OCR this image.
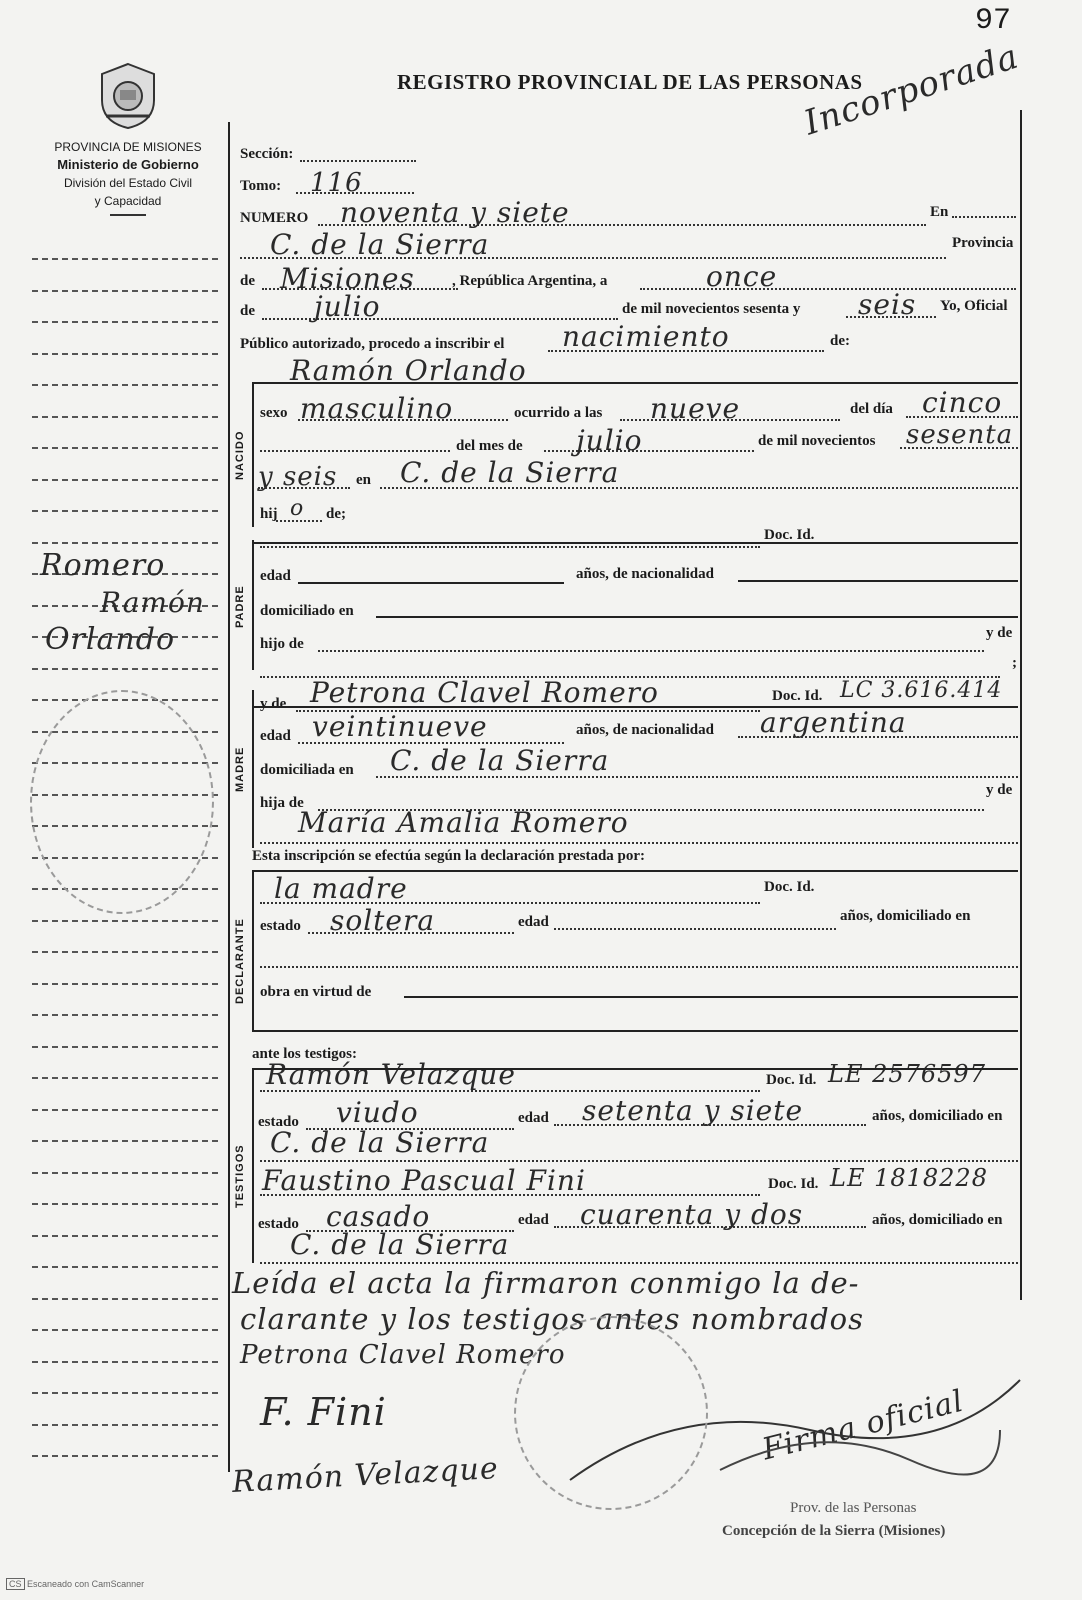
97
REGISTRO PROVINCIAL DE LAS PERSONAS
Incorporada
PROVINCIA DE MISIONES
Ministerio de Gobierno
División del Estado Civil
y Capacidad
Romero
Ramón
Orlando
NACIDO
PADRE
MADRE
DECLARANTE
TESTIGOS
Sección:
Tomo: 116
NUMERO noventa y siete	En
C. de la Sierra	Provincia
de Misiones , República Argentina, a	once
de julio	de mil novecientos sesenta y seis Yo, Oficial
Público autorizado, procedo a inscribir el nacimiento	de:
Ramón Orlando
sexo masculino	ocurrido a las nueve	del día cinco
del mes de julio	de mil novecientos sesenta
y seis en C. de la Sierra
hij o de;
Doc. Id.
edad	años, de nacionalidad
domiciliado en
hijo de
y de
;
y de Petrona Clavel Romero	Doc. Id. LC 3.616.414
edad veintinueve	años, de nacionalidad argentina
domiciliada en C. de la Sierra
hija de
y de
María Amalia Romero
Esta inscripción se efectúa según la declaración prestada por:
la madre	Doc. Id.
estado soltera	edad	años, domiciliado en
obra en virtud de
ante los testigos:
Ramón Velazque	Doc. Id. LE 2576597
estado viudo	edad setenta y siete	años, domiciliado en
C. de la Sierra
Faustino Pascual Fini	Doc. Id. LE 1818228
estado casado	edad cuarenta y dos	años, domiciliado en
C. de la Sierra
Leída el acta la firmaron conmigo la de-
clarante y los testigos antes nombrados
Petrona Clavel Romero
F. Fini
Ramón Velazque
Firma oficial
Prov. de las Personas
Concepción de la Sierra (Misiones)
CS Escaneado con CamScanner
